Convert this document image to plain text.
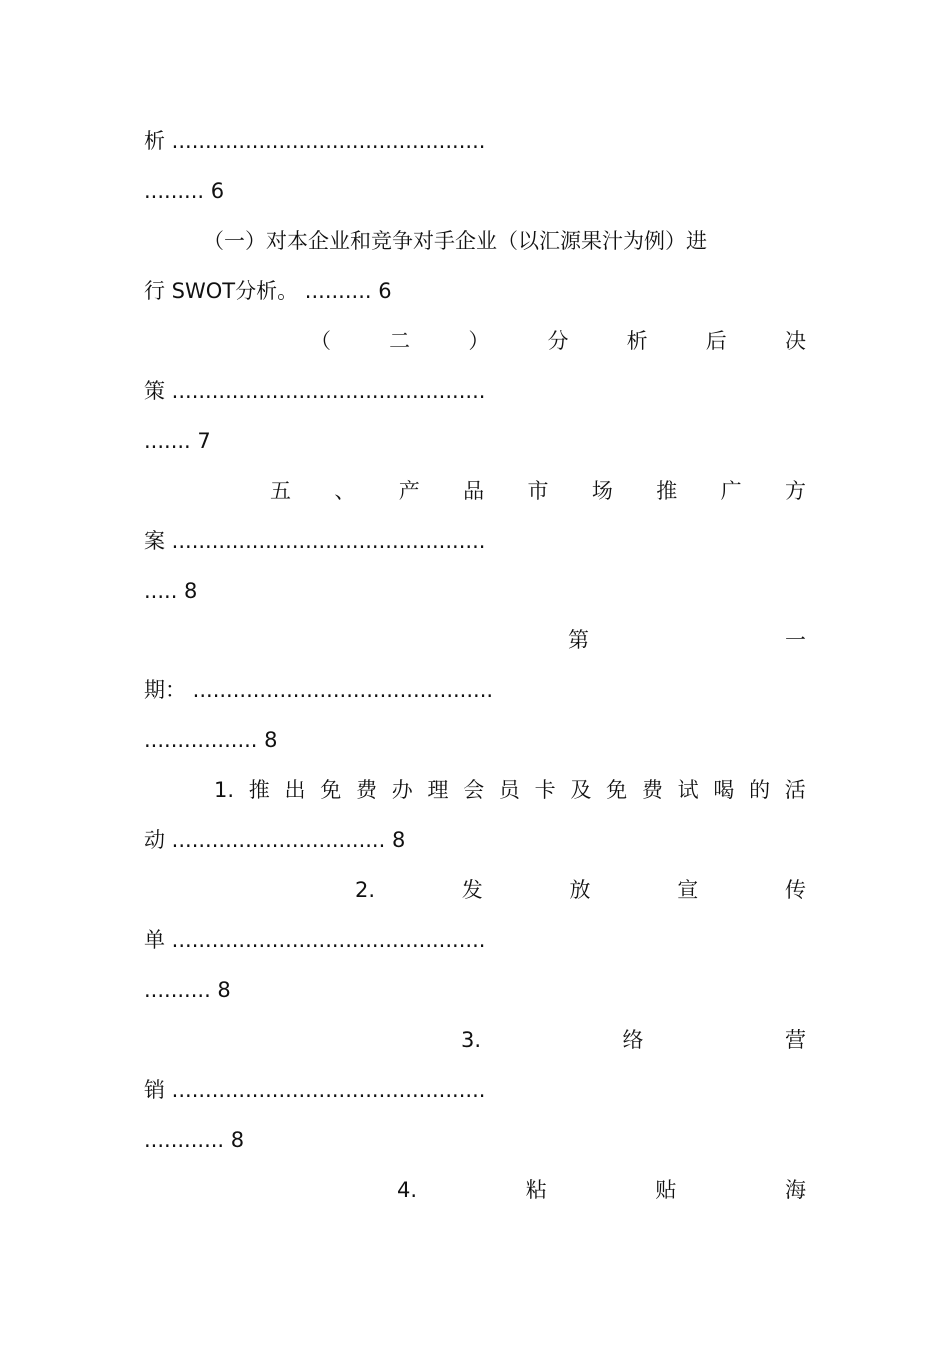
析 ...............................................
......... 6
（一）对本企业和竞争对手企业（以汇源果汁为例）进
行 SWOT分析。 .......... 6
（	二	）	分	析	后	决
策 ...............................................
....... 7
五 、 产 品 市 场 推 广 方
案 ...............................................
..... 8
第	一
期： .............................................
................. 8
1. 推 出 免 费 办 理 会 员 卡 及 免 费 试 喝 的 活
动 ................................ 8
2.	发	放	宣	传
单 ...............................................
.......... 8
3.	络	营
销 ...............................................
............ 8
4.	粘	贴	海
